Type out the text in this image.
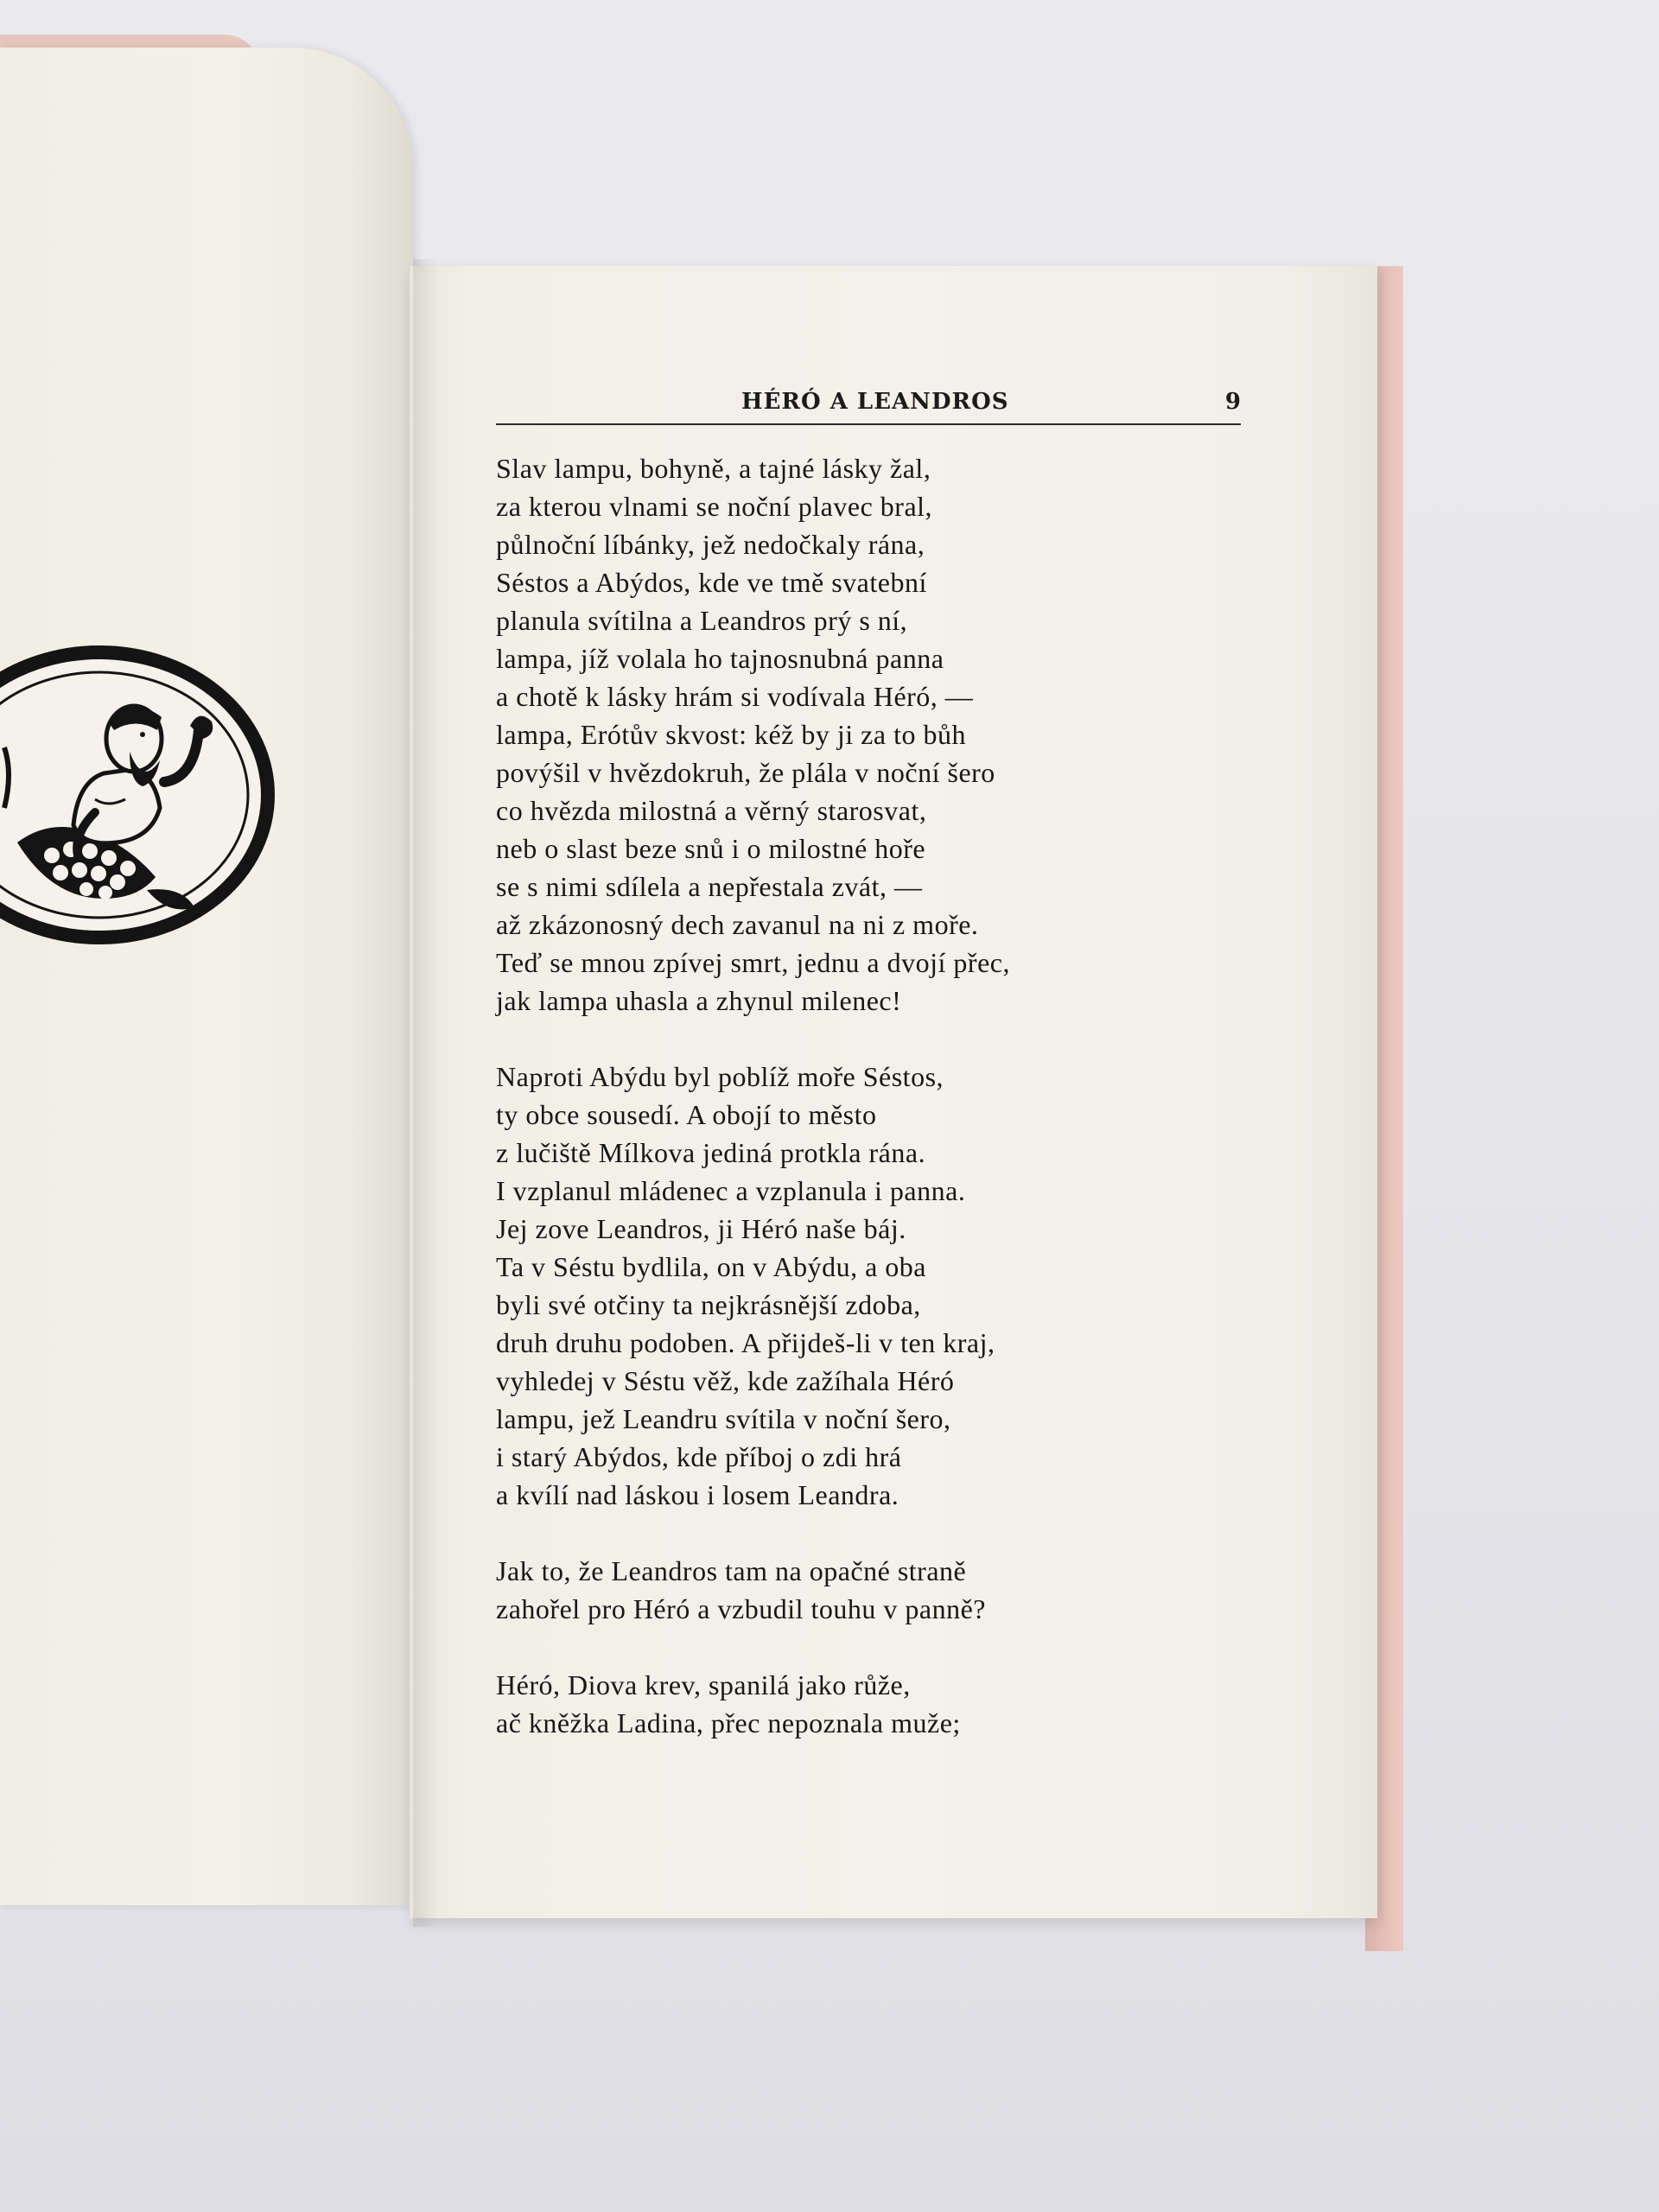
HÉRÓ A LEANDROS	9
Slav lampu, bohyně, a tajné lásky žal,
za kterou vlnami se noční plavec bral,
půlnoční líbánky, jež nedočkaly rána,
Séstos a Abýdos, kde ve tmě svatební
planula svítilna a Leandros prý s ní,
lampa, jíž volala ho tajnosnubná panna
a chotě k lásky hrám si vodívala Héró, —
lampa, Erótův skvost: kéž by ji za to bůh
povýšil v hvězdokruh, že plála v noční šero
co hvězda milostná a věrný starosvat,
neb o slast beze snů i o milostné hoře
se s nimi sdílela a nepřestala zvát, —
až zkázonosný dech zavanul na ni z moře.
Teď se mnou zpívej smrt, jednu a dvojí přec,
jak lampa uhasla a zhynul milenec!
Naproti Abýdu byl poblíž moře Séstos,
ty obce sousedí. A obojí to město
z lučiště Mílkova jediná protkla rána.
I vzplanul mládenec a vzplanula i panna.
Jej zove Leandros, ji Héró naše báj.
Ta v Séstu bydlila, on v Abýdu, a oba
byli své otčiny ta nejkrásnější zdoba,
druh druhu podoben. A přijdeš-li v ten kraj,
vyhledej v Séstu věž, kde zažíhala Héró
lampu, jež Leandru svítila v noční šero,
i starý Abýdos, kde příboj o zdi hrá
a kvílí nad láskou i losem Leandra.
Jak to, že Leandros tam na opačné straně
zahořel pro Héró a vzbudil touhu v panně?
Héró, Diova krev, spanilá jako růže,
ač kněžka Ladina, přec nepoznala muže;
